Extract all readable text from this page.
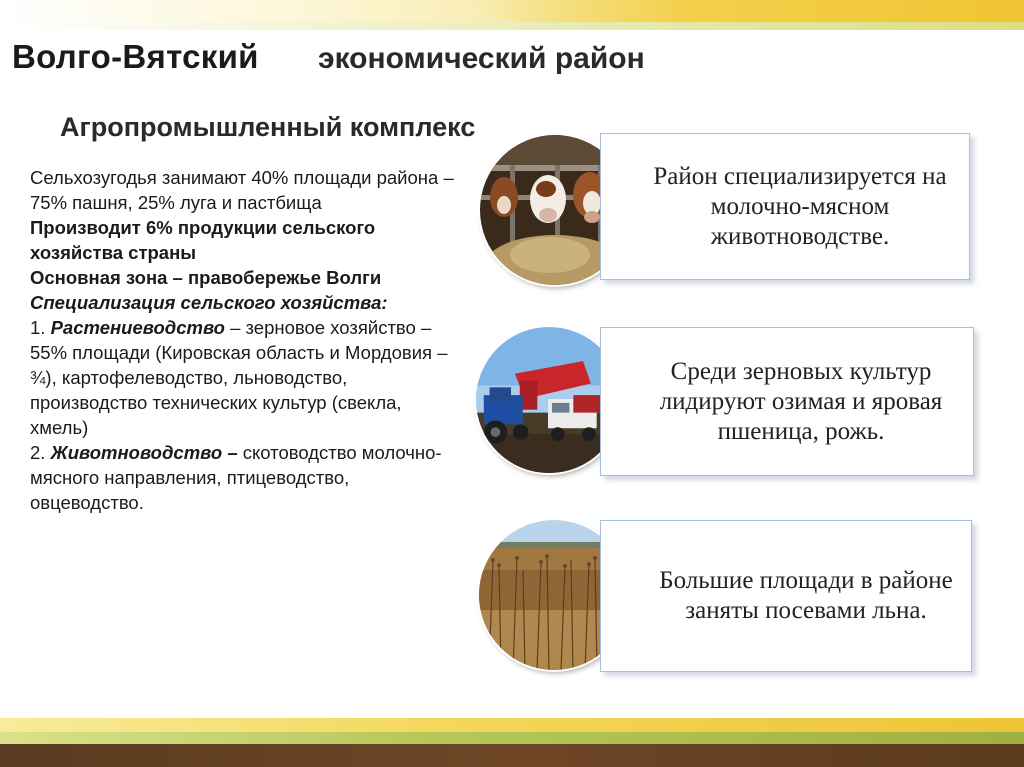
Волго-Вятский экономический район
Район специализируется на молочно-мясном животноводстве.
Агропромышленный комплекс

Сельхозугодья занимают 40% площади района – 75% пашня, 25% луга и пастбища

Производит 6% продукции сельского хозяйства страны

Основная зона – правобережье Волги

Специализация сельского хозяйства:

1. Растениеводство – зерновое хозяйство – 55% площади (Кировская область и Мордовия – ¾), картофелеводство, льноводство, производство технических культур (свекла, хмель)

2. Животноводство – скотоводство молочно-мясного направления, птицеводство, овцеводство.

Среди зерновых культур лидируют озимая и яровая пшеница, рожь.
Большие площади в районе заняты посевами льна.
